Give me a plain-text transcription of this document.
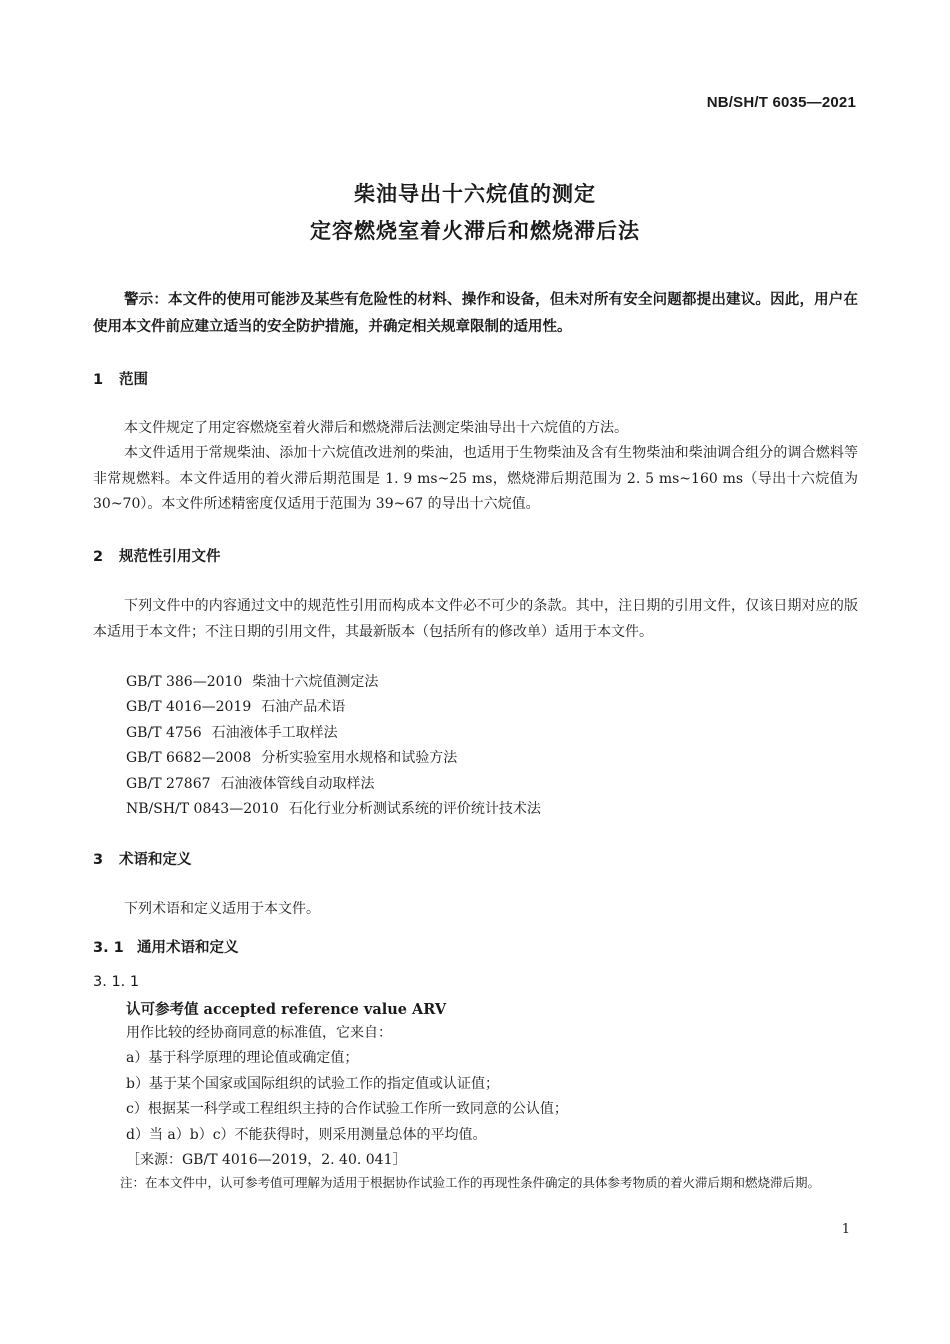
NB/SH/T 6035—2021
柴油导出十六烷值的测定
定容燃烧室着火滞后和燃烧滞后法
警示：本文件的使用可能涉及某些有危险性的材料、操作和设备，但未对所有安全问题都提出建议。因此，用户在使用本文件前应建立适当的安全防护措施，并确定相关规章限制的适用性。
1 范围
本文件规定了用定容燃烧室着火滞后和燃烧滞后法测定柴油导出十六烷值的方法。
本文件适用于常规柴油、添加十六烷值改进剂的柴油，也适用于生物柴油及含有生物柴油和柴油调合组分的调合燃料等非常规燃料。本文件适用的着火滞后期范围是 1. 9 ms~25 ms，燃烧滞后期范围为 2. 5 ms~160 ms（导出十六烷值为30~70）。本文件所述精密度仅适用于范围为 39~67 的导出十六烷值。
2 规范性引用文件
下列文件中的内容通过文中的规范性引用而构成本文件必不可少的条款。其中，注日期的引用文件，仅该日期对应的版本适用于本文件；不注日期的引用文件，其最新版本（包括所有的修改单）适用于本文件。
GB/T 386—2010 柴油十六烷值测定法
GB/T 4016—2019 石油产品术语
GB/T 4756 石油液体手工取样法
GB/T 6682—2008 分析实验室用水规格和试验方法
GB/T 27867 石油液体管线自动取样法
NB/SH/T 0843—2010 石化行业分析测试系统的评价统计技术法
3 术语和定义
下列术语和定义适用于本文件。
3. 1 通用术语和定义
3. 1. 1
认可参考值 accepted reference value ARV
用作比较的经协商同意的标准值，它来自：
a）基于科学原理的理论值或确定值；
b）基于某个国家或国际组织的试验工作的指定值或认证值；
c）根据某一科学或工程组织主持的合作试验工作所一致同意的公认值；
d）当 a）b）c）不能获得时，则采用测量总体的平均值。
［来源：GB/T 4016—2019，2. 40. 041］
注：在本文件中，认可参考值可理解为适用于根据协作试验工作的再现性条件确定的具体参考物质的着火滞后期和燃烧滞后期。
1
